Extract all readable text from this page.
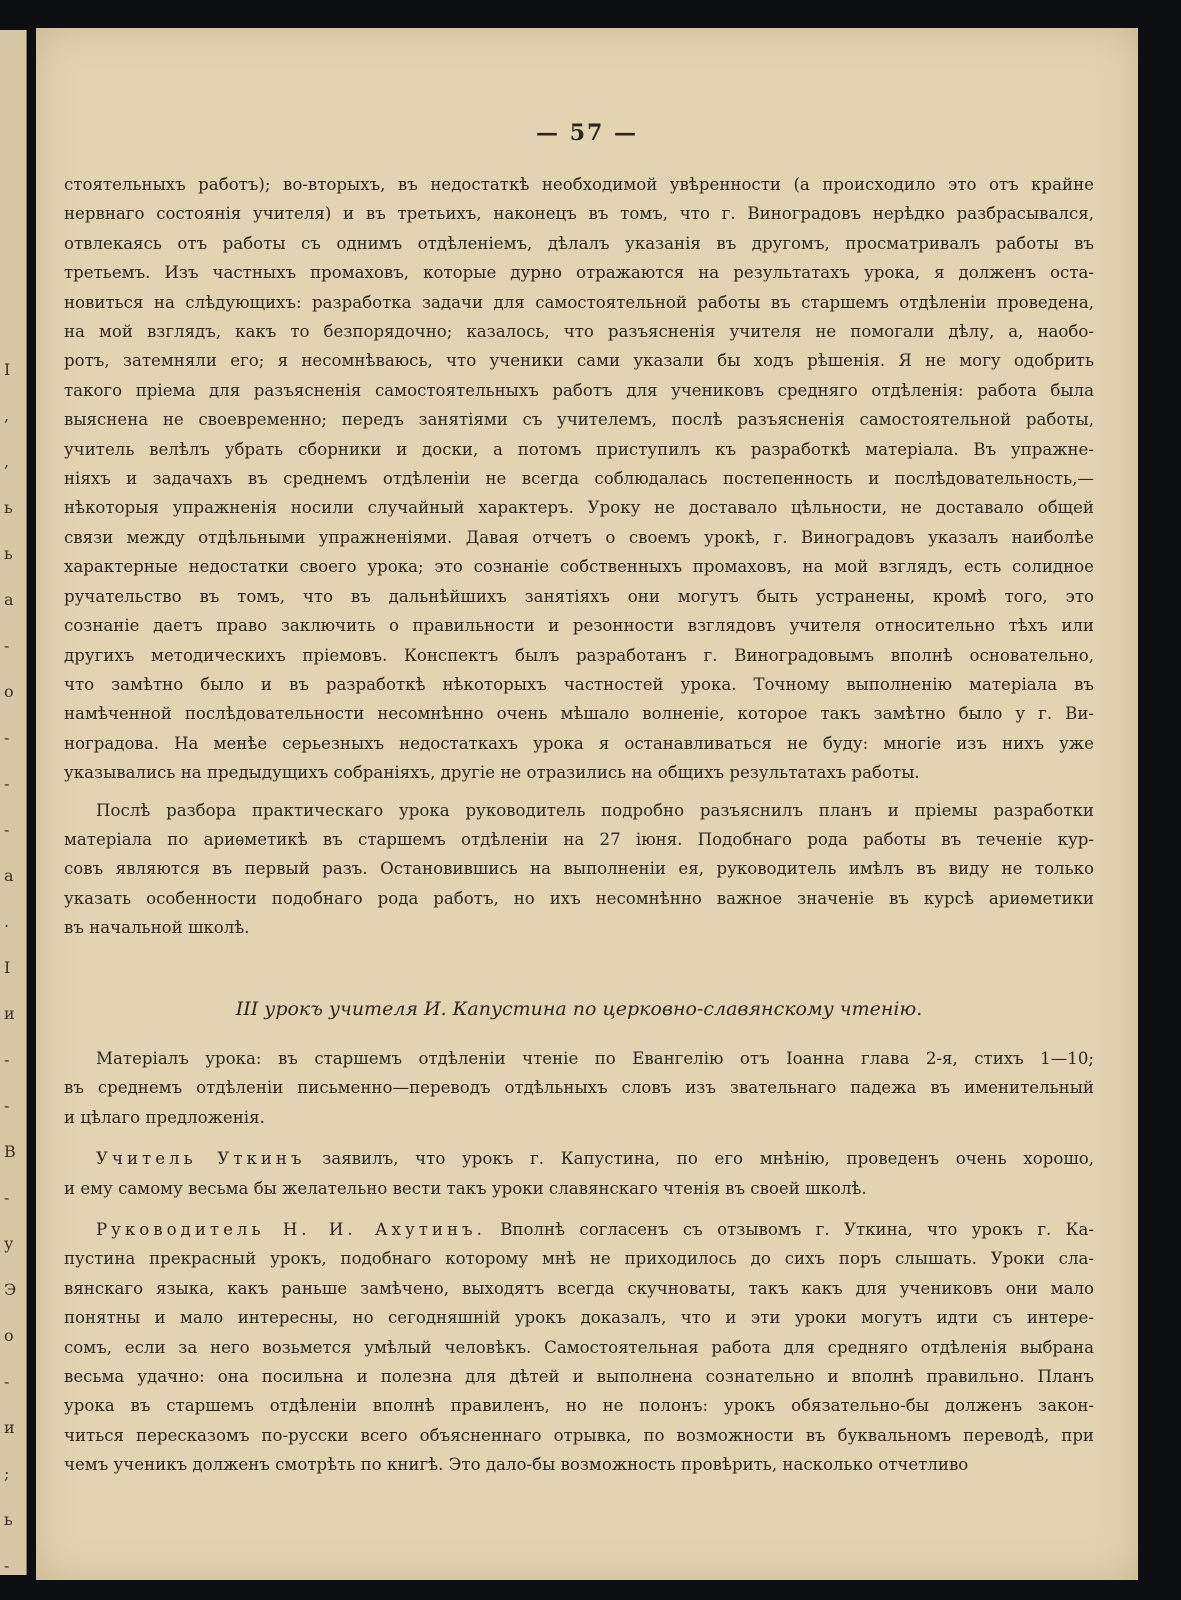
I
,
,
ь
ь
а
-
о
-
-
-
а
.
I
и
-
-
В
-
у
Э
о
-
и
;
ь
-
— 57 —
стоятельныхъ работъ); во-вторыхъ, въ недостаткѣ необходимой увѣренности (а происходило это отъ крайне
нервнаго состоянія учителя) и въ третьихъ, наконецъ въ томъ, что г. Виноградовъ нерѣдко разбрасывался,
отвлекаясь отъ работы съ однимъ отдѣленіемъ, дѣлалъ указанія въ другомъ, просматривалъ работы въ
третьемъ. Изъ частныхъ промаховъ, которые дурно отражаются на результатахъ урока, я долженъ оста-
новиться на слѣдующихъ: разработка задачи для самостоятельной работы въ старшемъ отдѣленіи проведена,
на мой взглядъ, какъ то безпорядочно; казалось, что разъясненія учителя не помогали дѣлу, а, наобо-
ротъ, затемняли его; я несомнѣваюсь, что ученики сами указали бы ходъ рѣшенія. Я не могу одобрить
такого пріема для разъясненія самостоятельныхъ работъ для учениковъ средняго отдѣленія: работа была
выяснена не своевременно; передъ занятіями съ учителемъ, послѣ разъясненія самостоятельной работы,
учитель велѣлъ убрать сборники и доски, а потомъ приступилъ къ разработкѣ матеріала. Въ упражне-
ніяхъ и задачахъ въ среднемъ отдѣленіи не всегда соблюдалась постепенность и послѣдовательность,—
нѣкоторыя упражненія носили случайный характеръ. Уроку не доставало цѣльности, не доставало общей
связи между отдѣльными упражненіями. Давая отчетъ о своемъ урокѣ, г. Виноградовъ указалъ наиболѣе
характерные недостатки своего урока; это сознаніе собственныхъ промаховъ, на мой взглядъ, есть солидное
ручательство въ томъ, что въ дальнѣйшихъ занятіяхъ они могутъ быть устранены, кромѣ того, это
сознаніе даетъ право заключить о правильности и резонности взглядовъ учителя относительно тѣхъ или
другихъ методическихъ пріемовъ. Конспектъ былъ разработанъ г. Виноградовымъ вполнѣ основательно,
что замѣтно было и въ разработкѣ нѣкоторыхъ частностей урока. Точному выполненію матеріала въ
намѣченной послѣдовательности несомнѣнно очень мѣшало волненіе, которое такъ замѣтно было у г. Ви-
ноградова. На менѣе серьезныхъ недостаткахъ урока я останавливаться не буду: многіе изъ нихъ уже
указывались на предыдущихъ собраніяхъ, другіе не отразились на общихъ результатахъ работы.
Послѣ разбора практическаго урока руководитель подробно разъяснилъ планъ и пріемы разработки
матеріала по ариѳметикѣ въ старшемъ отдѣленіи на 27 іюня. Подобнаго рода работы въ теченіе кур-
совъ являются въ первый разъ. Остановившись на выполненіи ея, руководитель имѣлъ въ виду не только
указать особенности подобнаго рода работъ, но ихъ несомнѣнно важное значеніе въ курсѣ ариѳметики
въ начальной школѣ.
III урокъ учителя И. Капустина по церковно-славянскому чтенію.
Матеріалъ урока: въ старшемъ отдѣленіи чтеніе по Евангелію отъ Іоанна глава 2-я, стихъ 1—10;
въ среднемъ отдѣленіи письменно—переводъ отдѣльныхъ словъ изъ звательнаго падежа въ именительный
и цѣлаго предложенія.
Учитель Уткинъ заявилъ, что урокъ г. Капустина, по его мнѣнію, проведенъ очень хорошо,
и ему самому весьма бы желательно вести такъ уроки славянскаго чтенія въ своей школѣ.
Руководитель Н. И. Ахутинъ. Вполнѣ согласенъ съ отзывомъ г. Уткина, что урокъ г. Ка-
пустина прекрасный урокъ, подобнаго которому мнѣ не приходилось до сихъ поръ слышать. Уроки сла-
вянскаго языка, какъ раньше замѣчено, выходятъ всегда скучноваты, такъ какъ для учениковъ они мало
понятны и мало интересны, но сегодняшній урокъ доказалъ, что и эти уроки могутъ идти съ интере-
сомъ, если за него возьмется умѣлый человѣкъ. Самостоятельная работа для средняго отдѣленія выбрана
весьма удачно: она посильна и полезна для дѣтей и выполнена сознательно и вполнѣ правильно. Планъ
урока въ старшемъ отдѣленіи вполнѣ правиленъ, но не полонъ: урокъ обязательно-бы долженъ закон-
читься пересказомъ по-русски всего объясненнаго отрывка, по возможности въ буквальномъ переводѣ, при
чемъ ученикъ долженъ смотрѣть по книгѣ. Это дало-бы возможность провѣрить, насколько отчетливо
